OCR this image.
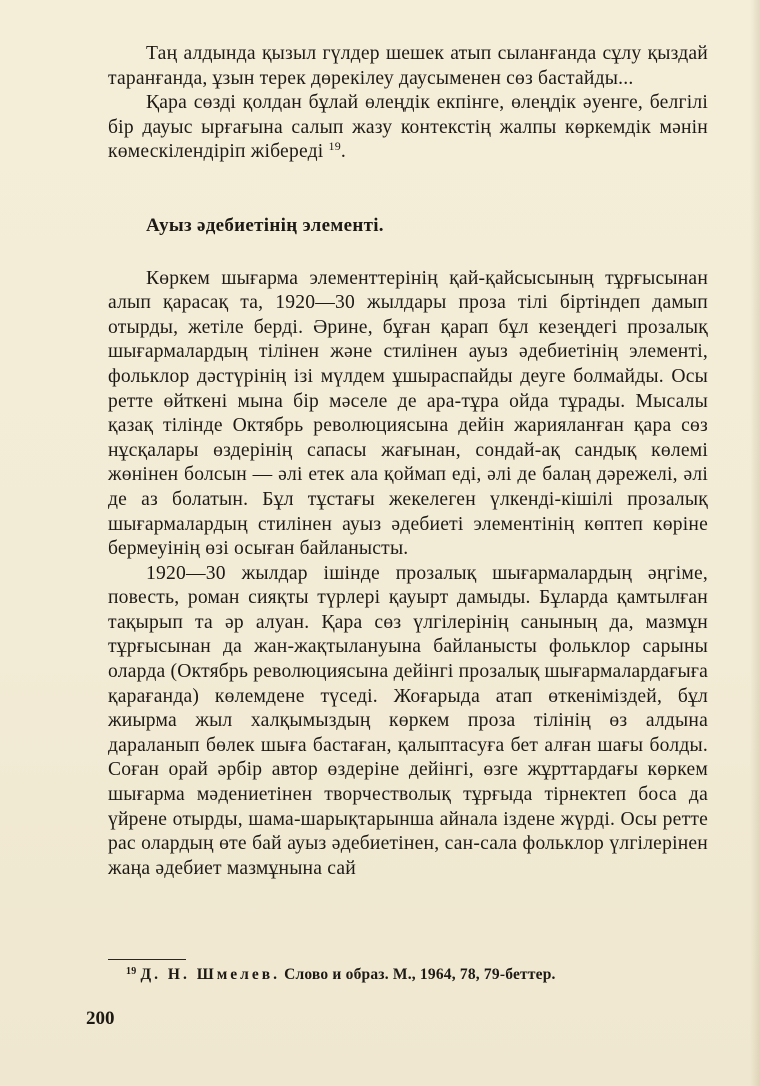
Таң алдында қызыл гүлдер шешек атып сыланғанда сұлу қыздай таранғанда, ұзын терек дөрекілеу даусыменен сөз бастайды...

Қара сөзді қолдан бұлай өлеңдік екпінге, өлеңдік әуенге, белгілі бір дауыс ырғағына салып жазу контекстің жалпы көркемдік мәнін көмескілендіріп жібереді $^{19}$.

Ауыз әдебиетінің элементі.

Көркем шығарма элементтерінің қай-қайсысының тұрғысынан алып қарасақ та, 1920—30 жылдары проза тілі біртіндеп дамып отырды, жетіле берді. Әрине, бұған қарап бұл кезеңдегі прозалық шығармалардың тілінен және стилінен ауыз әдебиетінің элементі, фольклор дәстүрінің ізі мүлдем ұшыраспайды деуге болмайды. Осы ретте өйткені мына бір мәселе де ара-тұра ойда тұрады. Мысалы қазақ тілінде Октябрь революциясына дейін жарияланған қара сөз нұсқалары өздерінің сапасы жағынан, сондай-ақ сандық көлемі жөнінен болсын — әлі етек ала қоймап еді, әлі де балаң дәрежелі, әлі де аз болатын. Бұл тұстағы жекелеген үлкенді-кішілі прозалық шығармалардың стилінен ауыз әдебиеті элементінің көптеп көріне бермеуінің өзі осыған байланысты.

1920—30 жылдар ішінде прозалық шығармалардың әңгіме, повесть, роман сияқты түрлері қауырт дамыды. Бұларда қамтылған тақырып та әр алуан. Қара сөз үлгілерінің санының да, мазмұн тұрғысынан да жан-жақтылануына байланысты фольклор сарыны оларда (Октябрь революциясына дейінгі прозалық шығармалардағыға қарағанда) көлемдене түседі. Жоғарыда атап өткеніміздей, бұл жиырма жыл халқымыздың көркем проза тілінің өз алдына дараланып бөлек шыға бастаған, қалыптасуға бет алған шағы болды. Соған орай әрбір автор өздеріне дейінгі, өзге жұрттардағы көркем шығарма мәдениетінен творчестволық тұрғыда тірнектеп боса да үйрене отырды, шама-шарықтарынша айнала іздене жүрді. Осы ретте рас олардың өте бай ауыз әдебиетінен, сан-сала фольклор үлгілерінен жаңа әдебиет мазмұнына сай

$^{19}$ Д. Н. Шмелев. Слово и образ. М., 1964, 78, 79-беттер.
200
